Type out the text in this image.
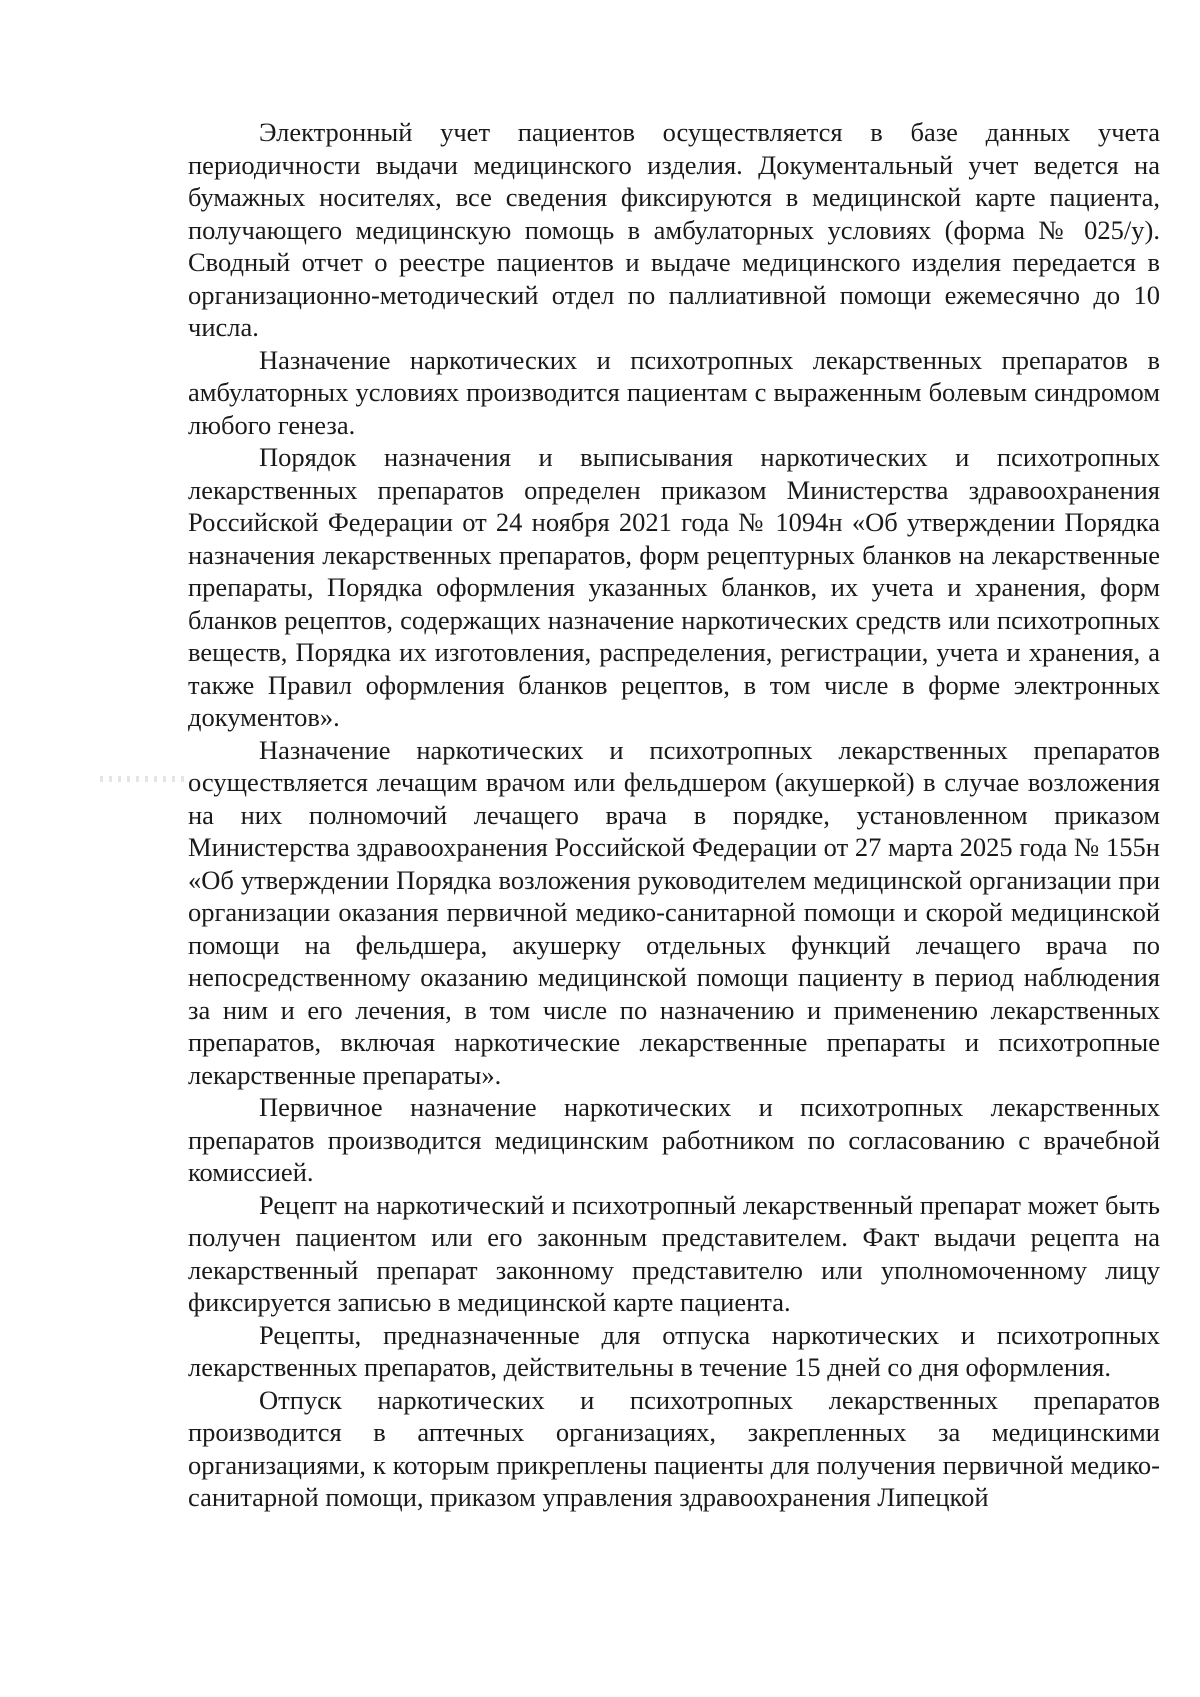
Электронный учет пациентов осуществляется в базе данных учета периодичности выдачи медицинского изделия. Документальный учет ведется на бумажных носителях, все сведения фиксируются в медицинской карте пациента, получающего медицинскую помощь в амбулаторных условиях (форма № 025/у). Сводный отчет о реестре пациентов и выдаче медицинского изделия передается в организационно-методический отдел по паллиативной помощи ежемесячно до 10 числа.

Назначение наркотических и психотропных лекарственных препаратов в амбулаторных условиях производится пациентам с выраженным болевым синдромом любого генеза.

Порядок назначения и выписывания наркотических и психотропных лекарственных препаратов определен приказом Министерства здравоохранения Российской Федерации от 24 ноября 2021 года № 1094н «Об утверждении Порядка назначения лекарственных препаратов, форм рецептурных бланков на лекарственные препараты, Порядка оформления указанных бланков, их учета и хранения, форм бланков рецептов, содержащих назначение наркотических средств или психотропных веществ, Порядка их изготовления, распределения, регистрации, учета и хранения, а также Правил оформления бланков рецептов, в том числе в форме электронных документов».

Назначение наркотических и психотропных лекарственных препаратов осуществляется лечащим врачом или фельдшером (акушеркой) в случае возложения на них полномочий лечащего врача в порядке, установленном приказом Министерства здравоохранения Российской Федерации от 27 марта 2025 года № 155н «Об утверждении Порядка возложения руководителем медицинской организации при организации оказания первичной медико-санитарной помощи и скорой медицинской помощи на фельдшера, акушерку отдельных функций лечащего врача по непосредственному оказанию медицинской помощи пациенту в период наблюдения за ним и его лечения, в том числе по назначению и применению лекарственных препаратов, включая наркотические лекарственные препараты и психотропные лекарственные препараты».

Первичное назначение наркотических и психотропных лекарственных препаратов производится медицинским работником по согласованию с врачебной комиссией.

Рецепт на наркотический и психотропный лекарственный препарат может быть получен пациентом или его законным представителем. Факт выдачи рецепта на лекарственный препарат законному представителю или уполномоченному лицу фиксируется записью в медицинской карте пациента.

Рецепты, предназначенные для отпуска наркотических и психотропных лекарственных препаратов, действительны в течение 15 дней со дня оформления.

Отпуск наркотических и психотропных лекарственных препаратов производится в аптечных организациях, закрепленных за медицинскими организациями, к которым прикреплены пациенты для получения первичной медико-санитарной помощи, приказом управления здравоохранения Липецкой
